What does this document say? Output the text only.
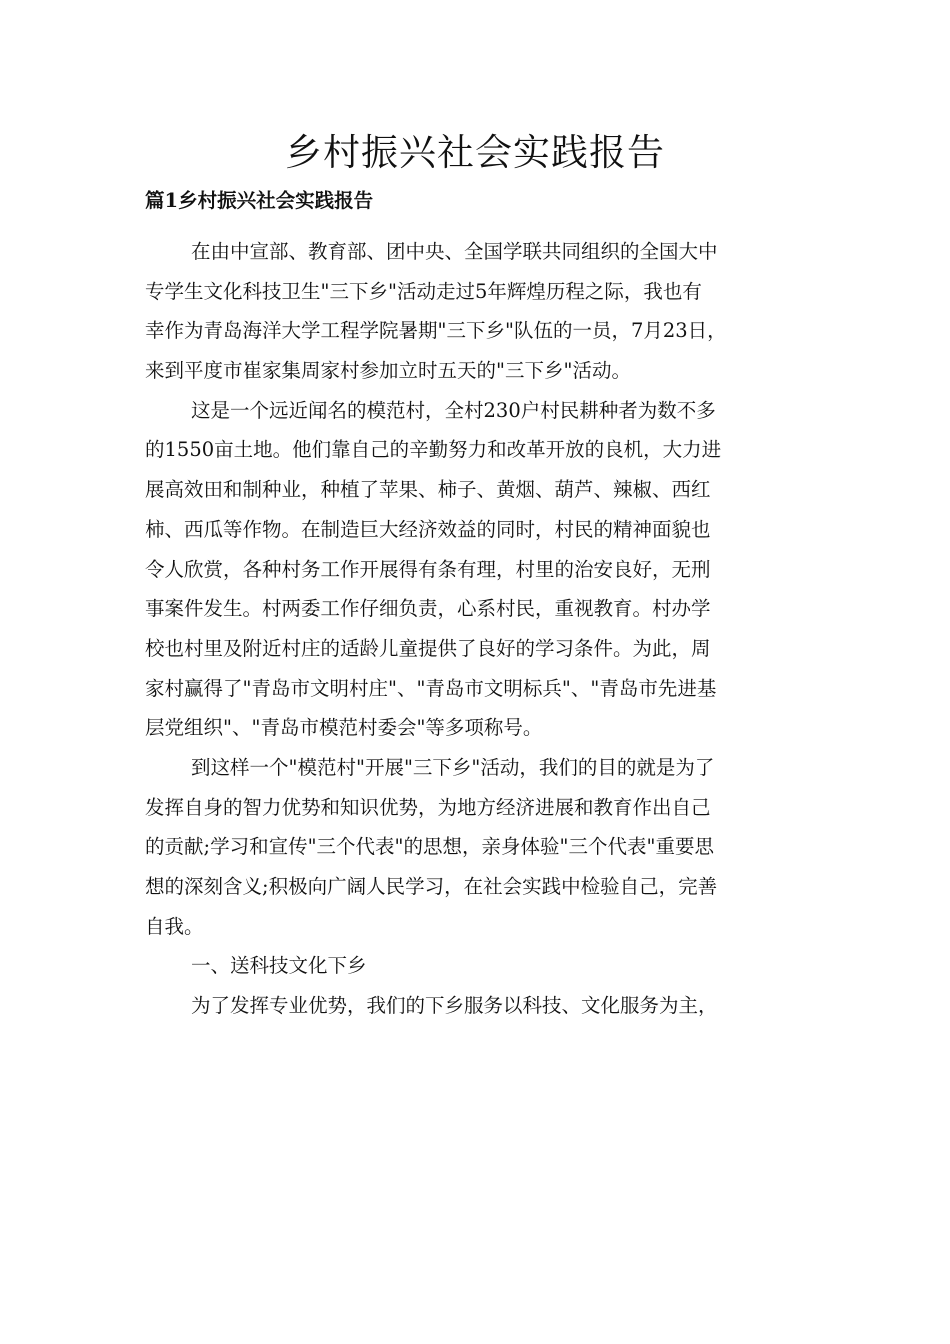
乡村振兴社会实践报告
篇1乡村振兴社会实践报告

在由中宣部、教育部、团中央、全国学联共同组织的全国大中

专学生文化科技卫生"三下乡"活动走过5年辉煌历程之际，我也有

幸作为青岛海洋大学工程学院暑期"三下乡"队伍的一员，7月23日，

来到平度市崔家集周家村参加立时五天的"三下乡"活动。

这是一个远近闻名的模范村，全村230户村民耕种者为数不多

的1550亩土地。他们靠自己的辛勤努力和改革开放的良机，大力进

展高效田和制种业，种植了苹果、柿子、黄烟、葫芦、辣椒、西红

柿、西瓜等作物。在制造巨大经济效益的同时，村民的精神面貌也

令人欣赏，各种村务工作开展得有条有理，村里的治安良好，无刑

事案件发生。村两委工作仔细负责，心系村民，重视教育。村办学

校也村里及附近村庄的适龄儿童提供了良好的学习条件。为此，周

家村赢得了"青岛市文明村庄"、"青岛市文明标兵"、"青岛市先进基

层党组织"、"青岛市模范村委会"等多项称号。

到这样一个"模范村"开展"三下乡"活动，我们的目的就是为了

发挥自身的智力优势和知识优势，为地方经济进展和教育作出自己

的贡献;学习和宣传"三个代表"的思想，亲身体验"三个代表"重要思

想的深刻含义;积极向广阔人民学习，在社会实践中检验自己，完善

自我。

一、送科技文化下乡

为了发挥专业优势，我们的下乡服务以科技、文化服务为主，
